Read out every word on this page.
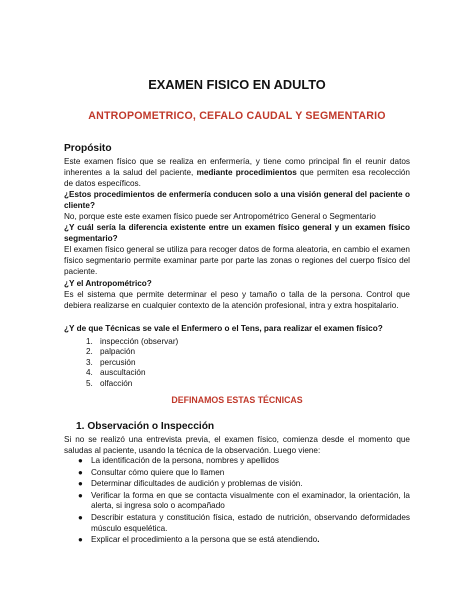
EXAMEN FISICO EN ADULTO
ANTROPOMETRICO, CEFALO CAUDAL Y SEGMENTARIO
Propósito
Este examen físico que se realiza en enfermería, y tiene como principal fin el reunir datos inherentes a la salud del paciente, mediante procedimientos que permiten esa recolección de datos específicos.
¿Estos procedimientos de enfermería conducen solo a una visión general del paciente o cliente?
No, porque este este examen físico puede ser Antropométrico General o Segmentario
¿Y cuál sería la diferencia existente entre un examen físico general y un examen físico segmentario?
El examen físico general se utiliza para recoger datos de forma aleatoria, en cambio el examen físico segmentario permite examinar parte por parte las zonas o regiones del cuerpo físico del paciente.
¿Y el Antropométrico?
Es el sistema que permite determinar el peso y tamaño o talla de la persona. Control que debiera realizarse en cualquier contexto de la atención profesional, intra y extra hospitalario.
¿Y de que Técnicas se vale el Enfermero o el Tens, para realizar el examen físico?
1. inspección (observar)
2. palpación
3. percusión
4. auscultación
5. olfacción
DEFINAMOS ESTAS TÉCNICAS
1. Observación o Inspección
Si no se realizó una entrevista previa, el examen físico, comienza desde el momento que saludas al paciente, usando la técnica de la observación. Luego viene:
● La identificación de la persona, nombres y apellidos
● Consultar cómo quiere que lo llamen
● Determinar dificultades de audición y problemas de visión.
● Verificar la forma en que se contacta visualmente con el examinador, la orientación, la alerta, si ingresa solo o acompañado
● Describir estatura y constitución física, estado de nutrición, observando deformidades músculo esquelética.
● Explicar el procedimiento a la persona que se está atendiendo.
